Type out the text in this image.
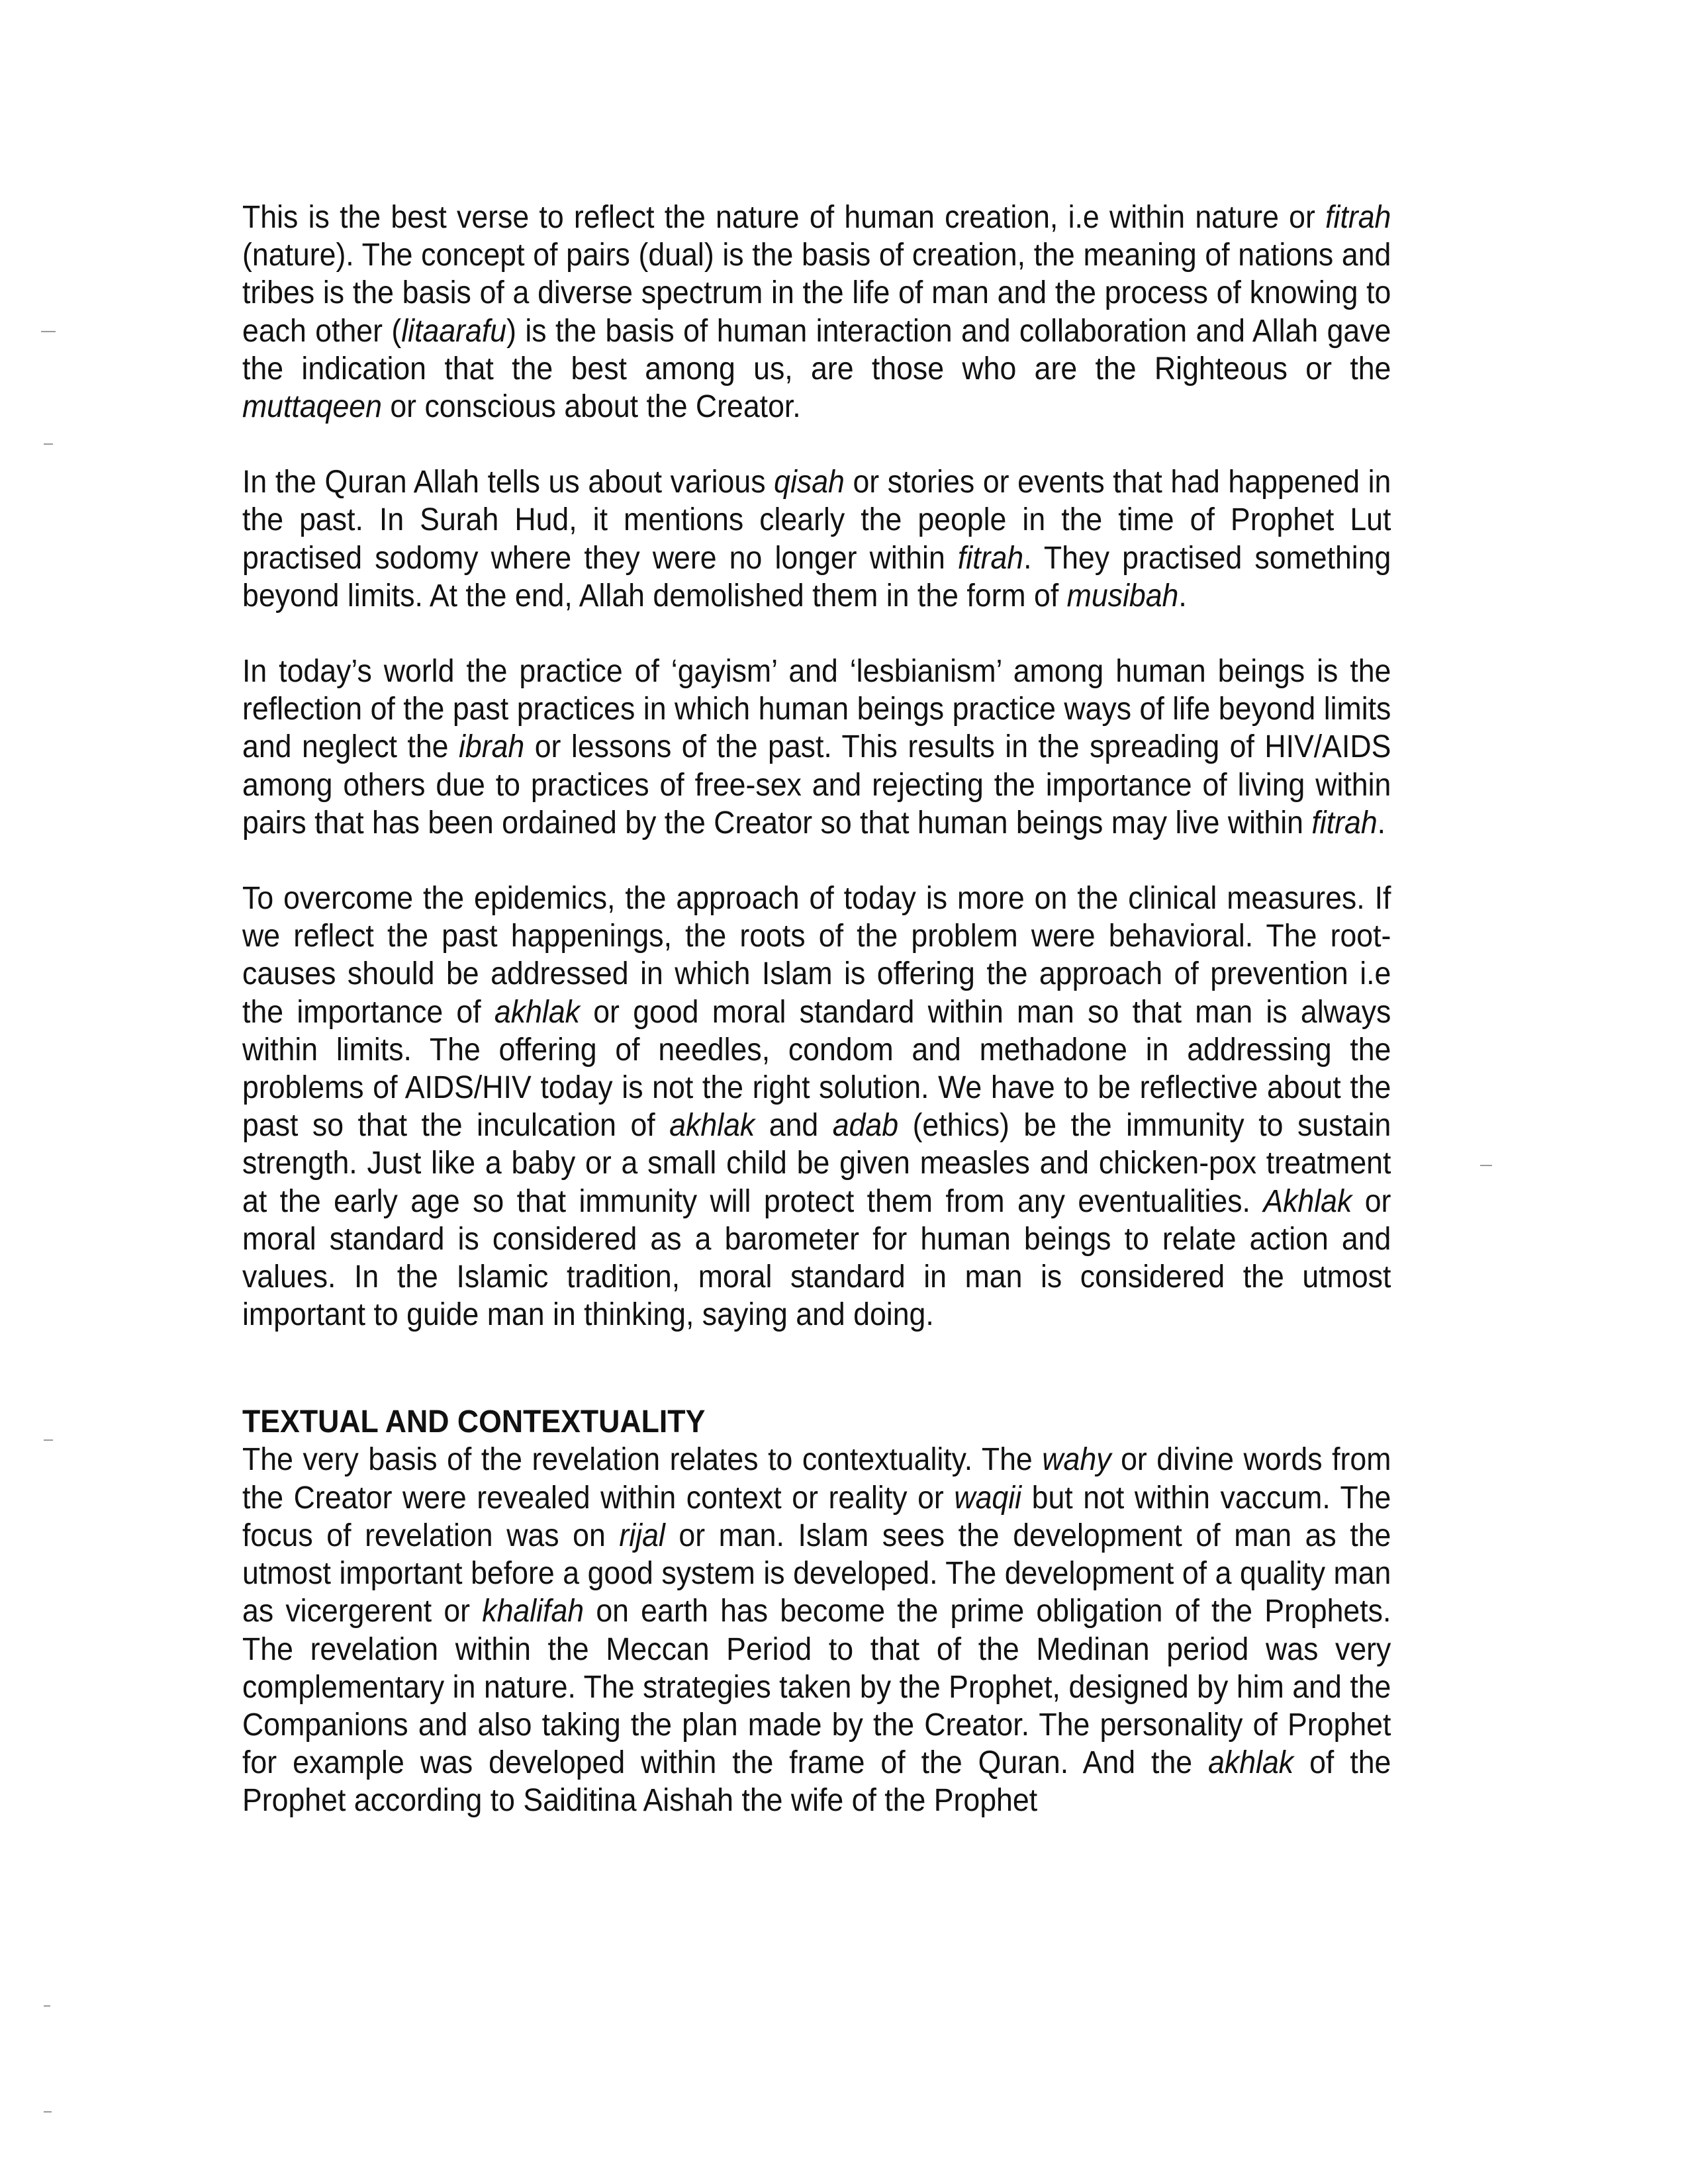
This is the best verse to reflect the nature of human creation, i.e within nature or fitrah (nature). The concept of pairs (dual) is the basis of creation, the meaning of nations and tribes is the basis of a diverse spectrum in the life of man and the process of knowing to each other (litaarafu) is the basis of human interaction and collaboration and Allah gave the indication that the best among us, are those who are the Righteous or the muttaqeen or conscious about the Creator.

In the Quran Allah tells us about various qisah or stories or events that had happened in the past. In Surah Hud, it mentions clearly the people in the time of Prophet Lut practised sodomy where they were no longer within fitrah. They practised something beyond limits. At the end, Allah demolished them in the form of musibah.

In today’s world the practice of ‘gayism’ and ‘lesbianism’ among human beings is the reflection of the past practices in which human beings practice ways of life beyond limits and neglect the ibrah or lessons of the past. This results in the spreading of HIV/AIDS among others due to practices of free-sex and rejecting the importance of living within pairs that has been ordained by the Creator so that human beings may live within fitrah.

To overcome the epidemics, the approach of today is more on the clinical measures. If we reflect the past happenings, the roots of the problem were behavioral. The root-causes should be addressed in which Islam is offering the approach of prevention i.e the importance of akhlak or good moral standard within man so that man is always within limits. The offering of needles, condom and methadone in addressing the problems of AIDS/HIV today is not the right solution. We have to be reflective about the past so that the inculcation of akhlak and adab (ethics) be the immunity to sustain strength. Just like a baby or a small child be given measles and chicken-pox treatment at the early age so that immunity will protect them from any eventualities. Akhlak or moral standard is considered as a barometer for human beings to relate action and values. In the Islamic tradition, moral standard in man is considered the utmost important to guide man in thinking, saying and doing.

TEXTUAL AND CONTEXTUALITY

The very basis of the revelation relates to contextuality. The wahy or divine words from the Creator were revealed within context or reality or waqii but not within vaccum. The focus of revelation was on rijal or man. Islam sees the development of man as the utmost important before a good system is developed. The development of a quality man as vicergerent or khalifah on earth has become the prime obligation of the Prophets. The revelation within the Meccan Period to that of the Medinan period was very complementary in nature. The strategies taken by the Prophet, designed by him and the Companions and also taking the plan made by the Creator. The personality of Prophet for example was developed within the frame of the Quran. And the akhlak of the Prophet according to Saiditina Aishah the wife of the Prophet
